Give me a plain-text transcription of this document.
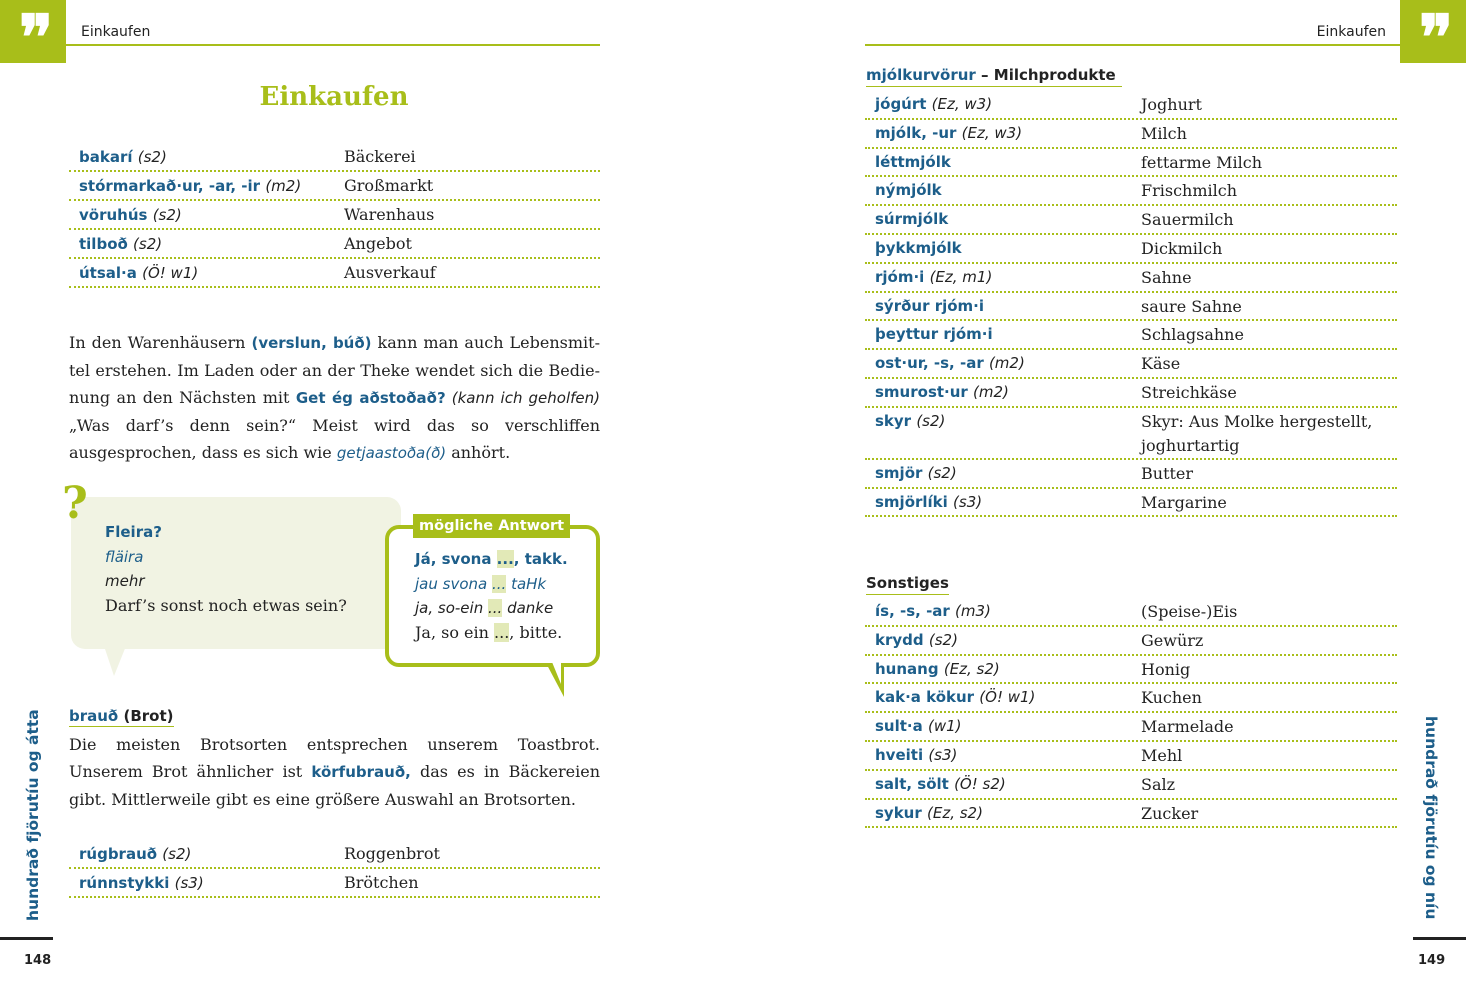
❜❜	❜❜
Einkaufen	Einkaufen
Einkaufen
bakarí (s2)	Bäckerei
stórmarkað·ur, -ar, -ir (m2)	Großmarkt
vöruhús (s2)	Warenhaus
tilboð (s2)	Angebot
útsal·a (Ö! w1)	Ausverkauf

In den Warenhäusern (verslun, búð) kann man auch Lebensmittel erstehen. Im Laden oder an der Theke wendet sich die Bedienung an den Nächsten mit Get ég aðstoðað? (kann ich geholfen) „Was darf’s denn sein?“ Meist wird das so verschliffen ausgesprochen, dass es sich wie getjaastoða(ð) anhört.

?
Fleira?
fläira
mehr
Darf’s sonst noch etwas sein?
mögliche Antwort
Já, svona ..., takk.
jau svona ... taHk
ja, so-ein ... danke
Ja, so ein ..., bitte.
brauð (Brot)

Die meisten Brotsorten entsprechen unserem Toastbrot. Unserem Brot ähnlicher ist körfubrauð, das es in Bäckereien gibt. Mittlerweile gibt es eine größere Auswahl an Brotsorten.

rúgbrauð (s2)	Roggenbrot
rúnnstykki (s3)	Brötchen
mjólkurvörur – Milchprodukte
jógúrt (Ez, w3)	Joghurt
mjólk, -ur (Ez, w3)	Milch
léttmjólk	fettarme Milch
nýmjólk	Frischmilch
súrmjólk	Sauermilch
þykkmjólk	Dickmilch
rjóm·i (Ez, m1)	Sahne
sýrður rjóm·i	saure Sahne
þeyttur rjóm·i	Schlagsahne
ost·ur, -s, -ar (m2)	Käse
smurost·ur (m2)	Streichkäse
skyr (s2)	Skyr: Aus Molke hergestellt, joghurtartig
smjör (s2)	Butter
smjörlíki (s3)	Margarine
Sonstiges
ís, -s, -ar (m3)	(Speise-)Eis
krydd (s2)	Gewürz
hunang (Ez, s2)	Honig
kak·a kökur (Ö! w1)	Kuchen
sult·a (w1)	Marmelade
hveiti (s3)	Mehl
salt, sölt (Ö! s2)	Salz
sykur (Ez, s2)	Zucker
hundrað fjörutíu og átta	hundrað fjörutíu og níu
148	149
